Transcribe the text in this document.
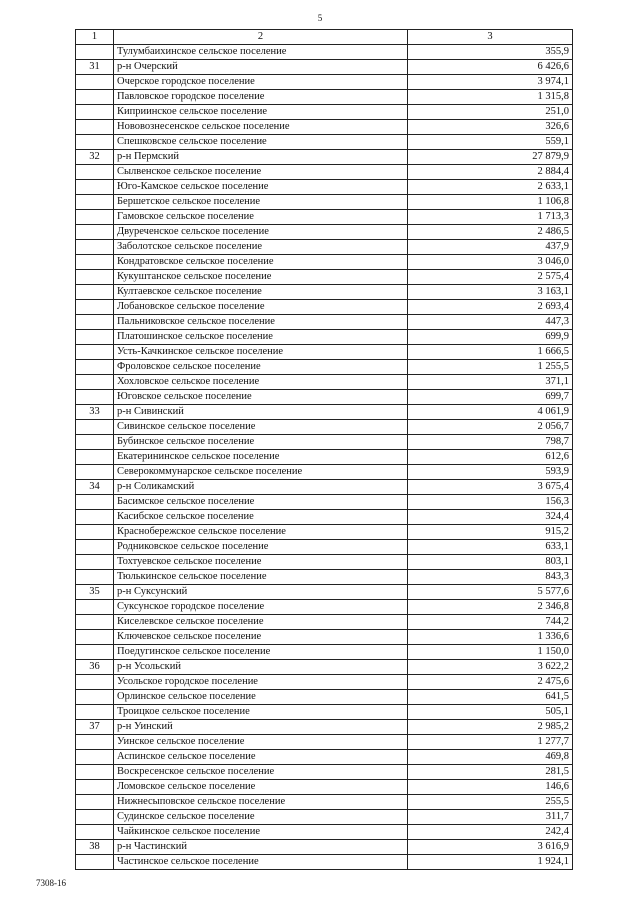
5
1	2	3
	Тулумбаихинское сельское поселение	355,9
31	р-н Очерский	6 426,6
	Очерское городское поселение	3 974,1
	Павловское городское поселение	1 315,8
	Киприинское сельское поселение	251,0
	Нововознесенское сельское поселение	326,6
	Спешковское сельское поселение	559,1
32	р-н Пермский	27 879,9
	Сылвенское сельское поселение	2 884,4
	Юго-Камское сельское поселение	2 633,1
	Бершетское сельское поселение	1 106,8
	Гамовское сельское поселение	1 713,3
	Двуреченское сельское поселение	2 486,5
	Заболотское сельское поселение	437,9
	Кондратовское сельское поселение	3 046,0
	Кукуштанское сельское поселение	2 575,4
	Култаевское сельское поселение	3 163,1
	Лобановское сельское поселение	2 693,4
	Пальниковское сельское поселение	447,3
	Платошинское сельское поселение	699,9
	Усть-Качкинское сельское поселение	1 666,5
	Фроловское сельское поселение	1 255,5
	Хохловское сельское поселение	371,1
	Юговское сельское поселение	699,7
33	р-н Сивинский	4 061,9
	Сивинское сельское поселение	2 056,7
	Бубинское сельское поселение	798,7
	Екатерининское сельское поселение	612,6
	Северокоммунарское сельское поселение	593,9
34	р-н Соликамский	3 675,4
	Басимское сельское поселение	156,3
	Касибское сельское поселение	324,4
	Краснобережское сельское поселение	915,2
	Родниковское сельское поселение	633,1
	Тохтуевское сельское поселение	803,1
	Тюлькинское сельское поселение	843,3
35	р-н Суксунский	5 577,6
	Суксунское городское поселение	2 346,8
	Киселевское сельское поселение	744,2
	Ключевское сельское поселение	1 336,6
	Поедугинское сельское поселение	1 150,0
36	р-н Усольский	3 622,2
	Усольское городское поселение	2 475,6
	Орлинское сельское поселение	641,5
	Троицкое сельское поселение	505,1
37	р-н Уинский	2 985,2
	Уинское сельское поселение	1 277,7
	Аспинское сельское поселение	469,8
	Воскресенское сельское поселение	281,5
	Ломовское сельское поселение	146,6
	Нижнесыповское сельское поселение	255,5
	Судинское сельское поселение	311,7
	Чайкинское сельское поселение	242,4
38	р-н Частинский	3 616,9
	Частинское сельское поселение	1 924,1
7308-16
